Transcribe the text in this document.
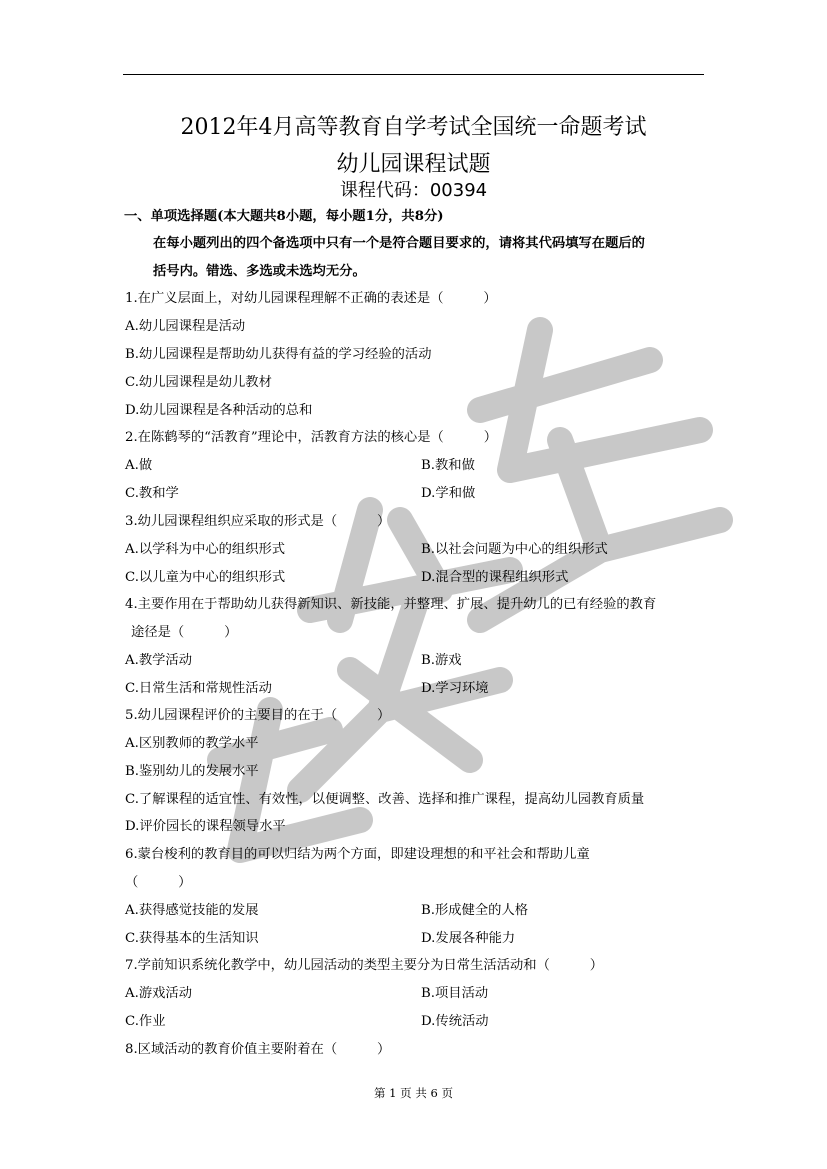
2012年4月高等教育自学考试全国统一命题考试
幼儿园课程试题
课程代码：00394
一、单项选择题(本大题共8小题，每小题1分，共8分)
在每小题列出的四个备选项中只有一个是符合题目要求的，请将其代码填写在题后的
括号内。错选、多选或未选均无分。
1.在广义层面上，对幼儿园课程理解不正确的表述是（　　　）
A.幼儿园课程是活动
B.幼儿园课程是帮助幼儿获得有益的学习经验的活动
C.幼儿园课程是幼儿教材
D.幼儿园课程是各种活动的总和
2.在陈鹤琴的“活教育”理论中，活教育方法的核心是（　　　）
A.做	B.教和做
C.教和学	D.学和做
3.幼儿园课程组织应采取的形式是（　　　）
A.以学科为中心的组织形式	B.以社会问题为中心的组织形式
C.以儿童为中心的组织形式	D.混合型的课程组织形式
4.主要作用在于帮助幼儿获得新知识、新技能，并整理、扩展、提升幼儿的已有经验的教育
途径是（　　　）
A.教学活动	B.游戏
C.日常生活和常规性活动	D.学习环境
5.幼儿园课程评价的主要目的在于（　　　）
A.区别教师的教学水平
B.鉴别幼儿的发展水平
C.了解课程的适宜性、有效性，以便调整、改善、选择和推广课程，提高幼儿园教育质量
D.评价园长的课程领导水平
6.蒙台梭利的教育目的可以归结为两个方面，即建设理想的和平社会和帮助儿童
（　　　）
A.获得感觉技能的发展	B.形成健全的人格
C.获得基本的生活知识	D.发展各种能力
7.学前知识系统化教学中，幼儿园活动的类型主要分为日常生活活动和（　　　）
A.游戏活动	B.项目活动
C.作业	D.传统活动
8.区域活动的教育价值主要附着在（　　　）
第 1 页 共 6 页
